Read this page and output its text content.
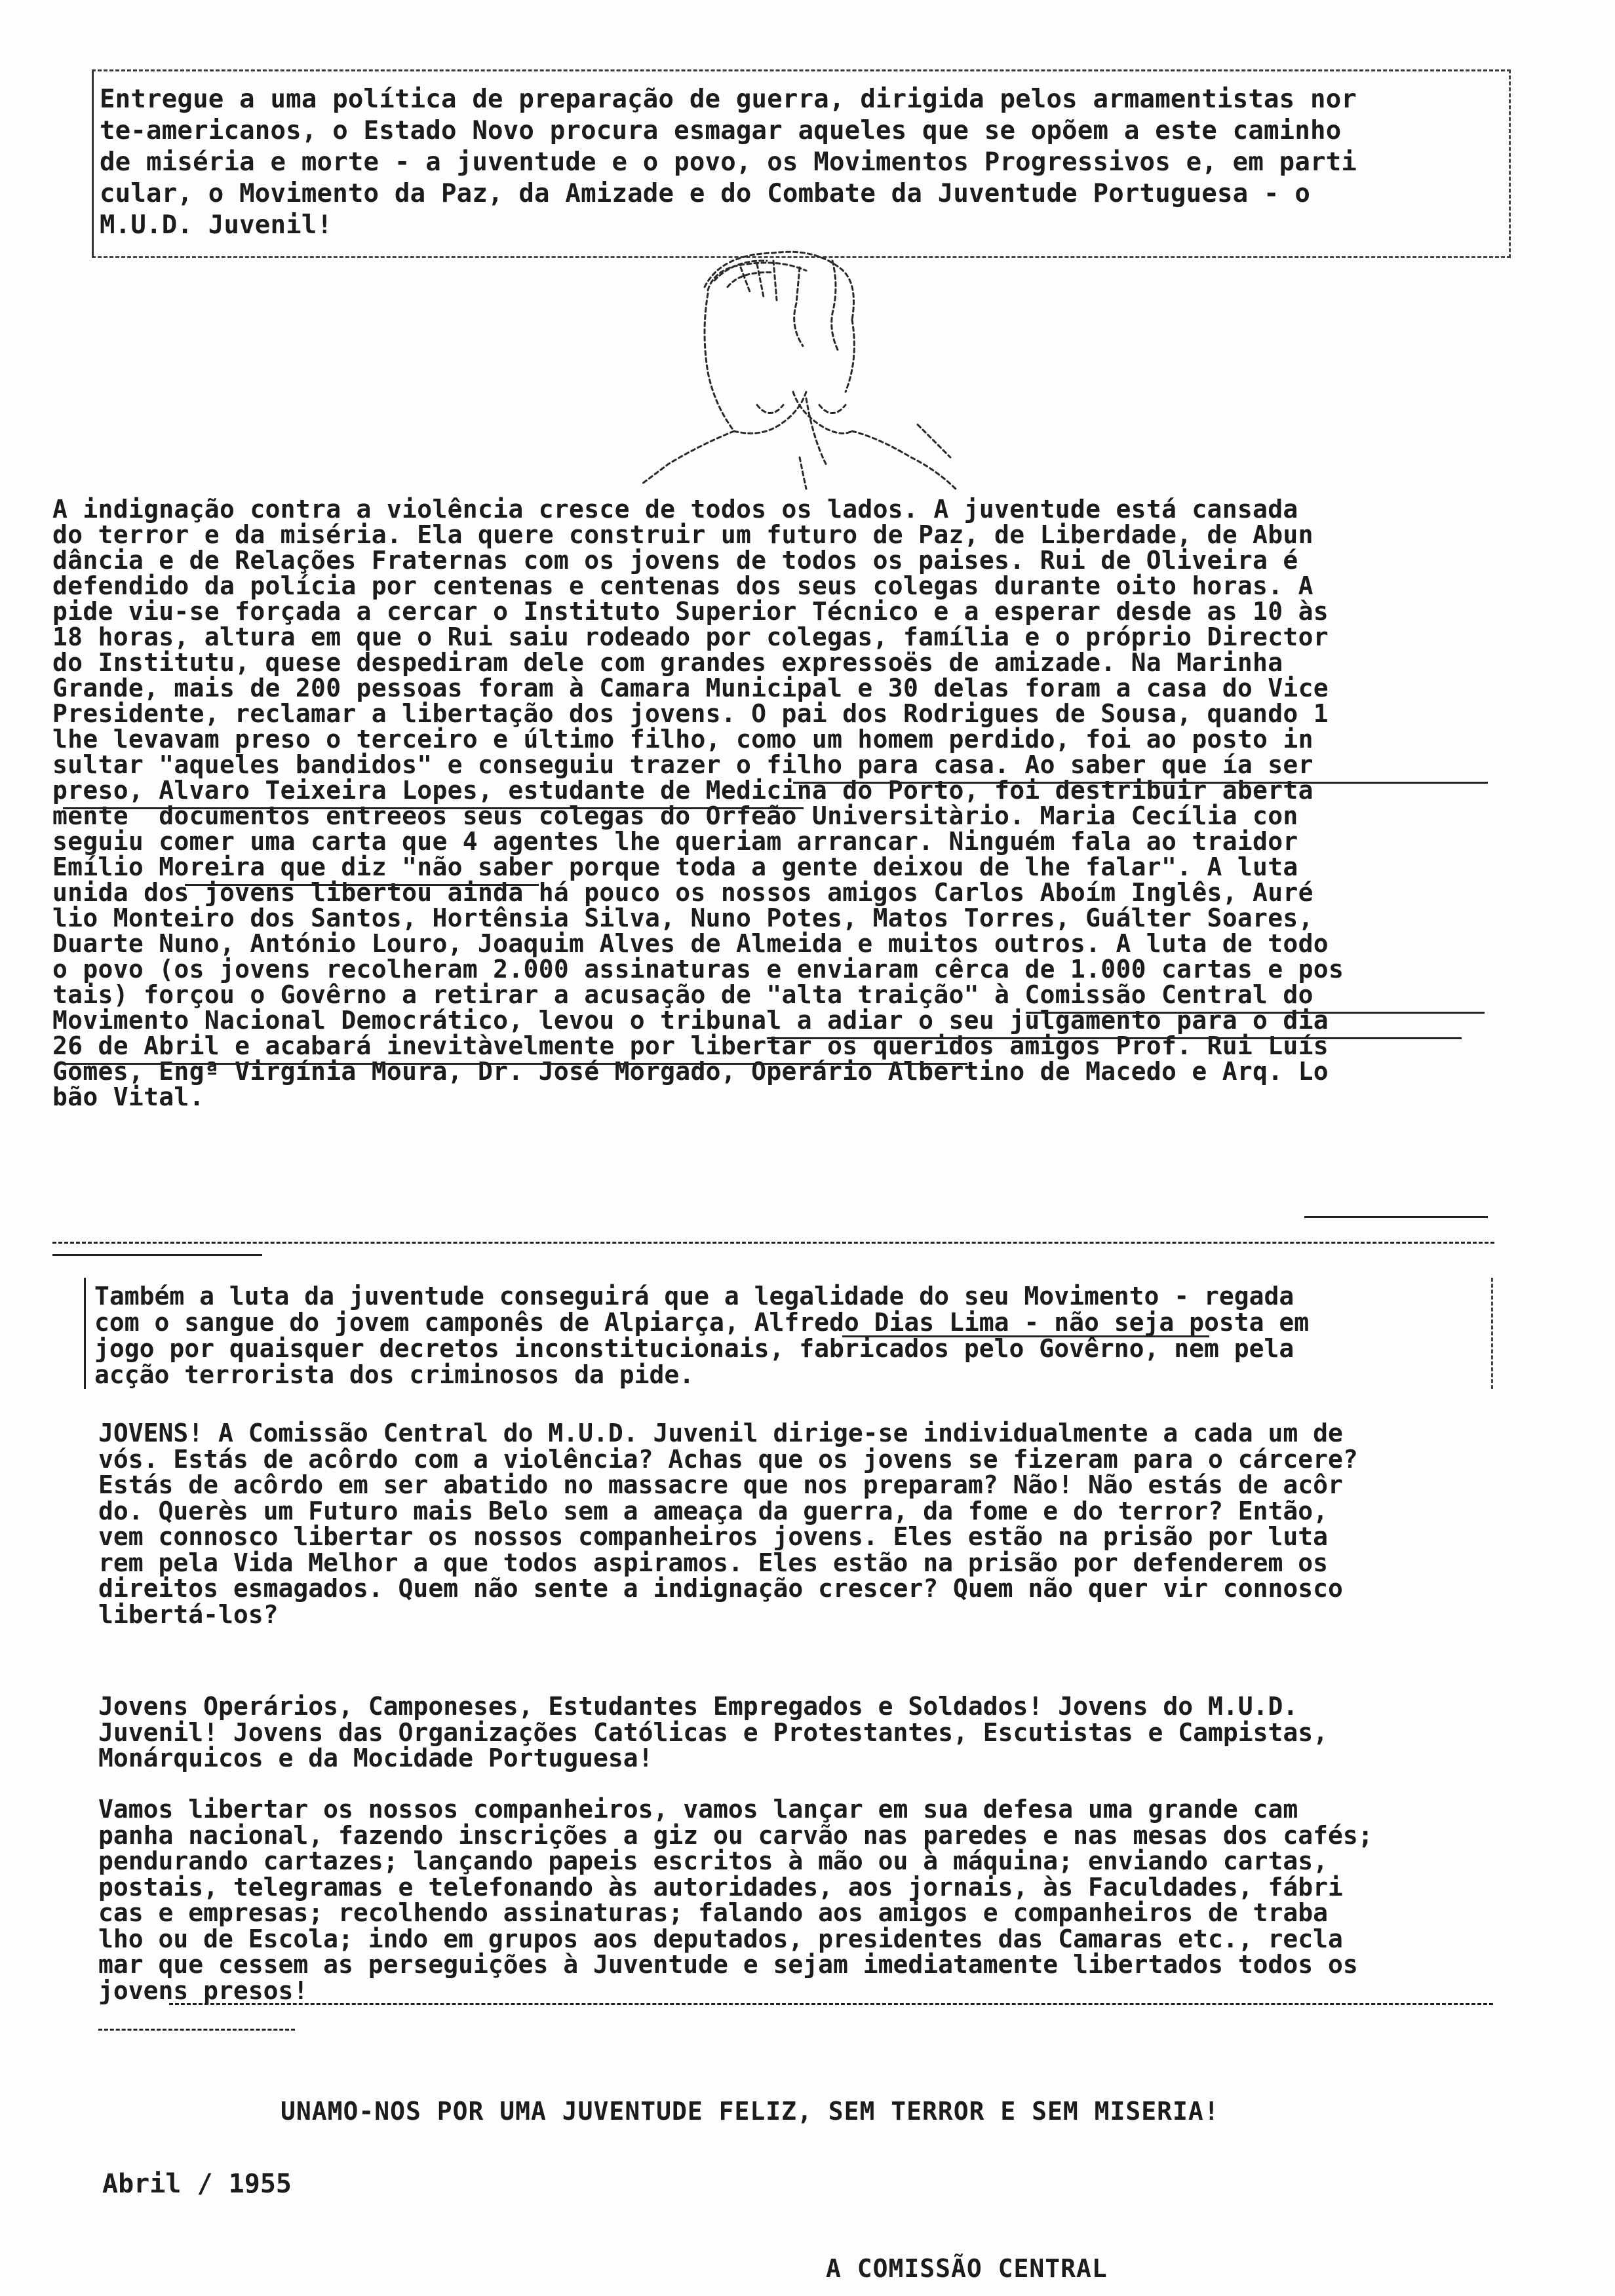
Entregue a uma política de preparação de guerra, dirigida pelos armamentistas nor
te-americanos, o Estado Novo procura esmagar aqueles que se opõem a este caminho
de miséria e morte - a juventude e o povo, os Movimentos Progressivos e, em parti
cular, o Movimento da Paz, da Amizade e do Combate da Juventude Portuguesa - o
M.U.D. Juvenil!
A indignação contra a violência cresce de todos os lados. A juventude está cansada
do terror e da miséria. Ela quere construir um futuro de Paz, de Liberdade, de Abun
dância e de Relações Fraternas com os jovens de todos os paises. Rui de Oliveira é
defendido da polícia por centenas e centenas dos seus colegas durante oito horas. A
pide viu-se forçada a cercar o Instituto Superior Técnico e a esperar desde as 10 às
18 horas, altura em que o Rui saiu rodeado por colegas, família e o próprio Director
do Institutu, quese despediram dele com grandes expressoës de amizade. Na Marinha
Grande, mais de 200 pessoas foram à Camara Municipal e 30 delas foram a casa do Vice
Presidente, reclamar a libertação dos jovens. O pai dos Rodrigues de Sousa, quando 1
lhe levavam preso o terceiro e último filho, como um homem perdido, foi ao posto in
sultar "aqueles bandidos" e conseguiu trazer o filho para casa. Ao saber que ía ser
preso, Alvaro Teixeira Lopes, estudante de Medicina do Porto, foi destribuir aberta
mente  documentos entreeos seus colegas do Orfeão Universitàrio. Maria Cecília con
seguiu comer uma carta que 4 agentes lhe queriam arrancar. Ninguém fala ao traidor
Emílio Moreira que diz "não saber porque toda a gente deixou de lhe falar". A luta
unida dos jovens libertou ainda há pouco os nossos amigos Carlos Aboím Inglês, Auré
lio Monteiro dos Santos, Hortênsia Silva, Nuno Potes, Matos Torres, Guálter Soares,
Duarte Nuno, António Louro, Joaquim Alves de Almeida e muitos outros. A luta de todo
o povo (os jovens recolheram 2.000 assinaturas e enviaram cêrca de 1.000 cartas e pos
tais) forçou o Govêrno a retirar a acusação de "alta traição" à Comissão Central do
Movimento Nacional Democrático, levou o tribunal a adiar o seu julgamento para o dia
26 de Abril e acabará inevitàvelmente por libertar os queridos amigos Prof. Rui Luís
Gomes, Engª Virgínia Moura, Dr. José Morgado, Operário Albertino de Macedo e Arq. Lo
bão Vital.
Também a luta da juventude conseguirá que a legalidade do seu Movimento - regada
com o sangue do jovem camponês de Alpiarça, Alfredo Dias Lima - não seja posta em
jogo por quaisquer decretos inconstitucionais, fabricados pelo Govêrno, nem pela
acção terrorista dos criminosos da pide.
JOVENS! A Comissão Central do M.U.D. Juvenil dirige-se individualmente a cada um de
vós. Estás de acôrdo com a violência? Achas que os jovens se fizeram para o cárcere?
Estás de acôrdo em ser abatido no massacre que nos preparam? Não! Não estás de acôr
do. Querès um Futuro mais Belo sem a ameaça da guerra, da fome e do terror? Então,
vem connosco libertar os nossos companheiros jovens. Eles estão na prisão por luta
rem pela Vida Melhor a que todos aspiramos. Eles estão na prisão por defenderem os
direitos esmagados. Quem não sente a indignação crescer? Quem não quer vir connosco
libertá-los?
Jovens Operários, Camponeses, Estudantes Empregados e Soldados! Jovens do M.U.D.
Juvenil! Jovens das Organizações Católicas e Protestantes, Escutistas e Campistas,
Monárquicos e da Mocidade Portuguesa!
Vamos libertar os nossos companheiros, vamos lançar em sua defesa uma grande cam
panha nacional, fazendo inscrições a giz ou carvão nas paredes e nas mesas dos cafés;
pendurando cartazes; lançando papeis escritos à mão ou à máquina; enviando cartas,
postais, telegramas e telefonando às autoridades, aos jornais, às Faculdades, fábri
cas e empresas; recolhendo assinaturas; falando aos amigos e companheiros de traba
lho ou de Escola; indo em grupos aos deputados, presidentes das Camaras etc., recla
mar que cessem as perseguições à Juventude e sejam imediatamente libertados todos os
jovens presos!
UNAMO-NOS POR UMA JUVENTUDE FELIZ, SEM TERROR E SEM MISERIA!
Abril / 1955
A COMISSÃO CENTRAL
